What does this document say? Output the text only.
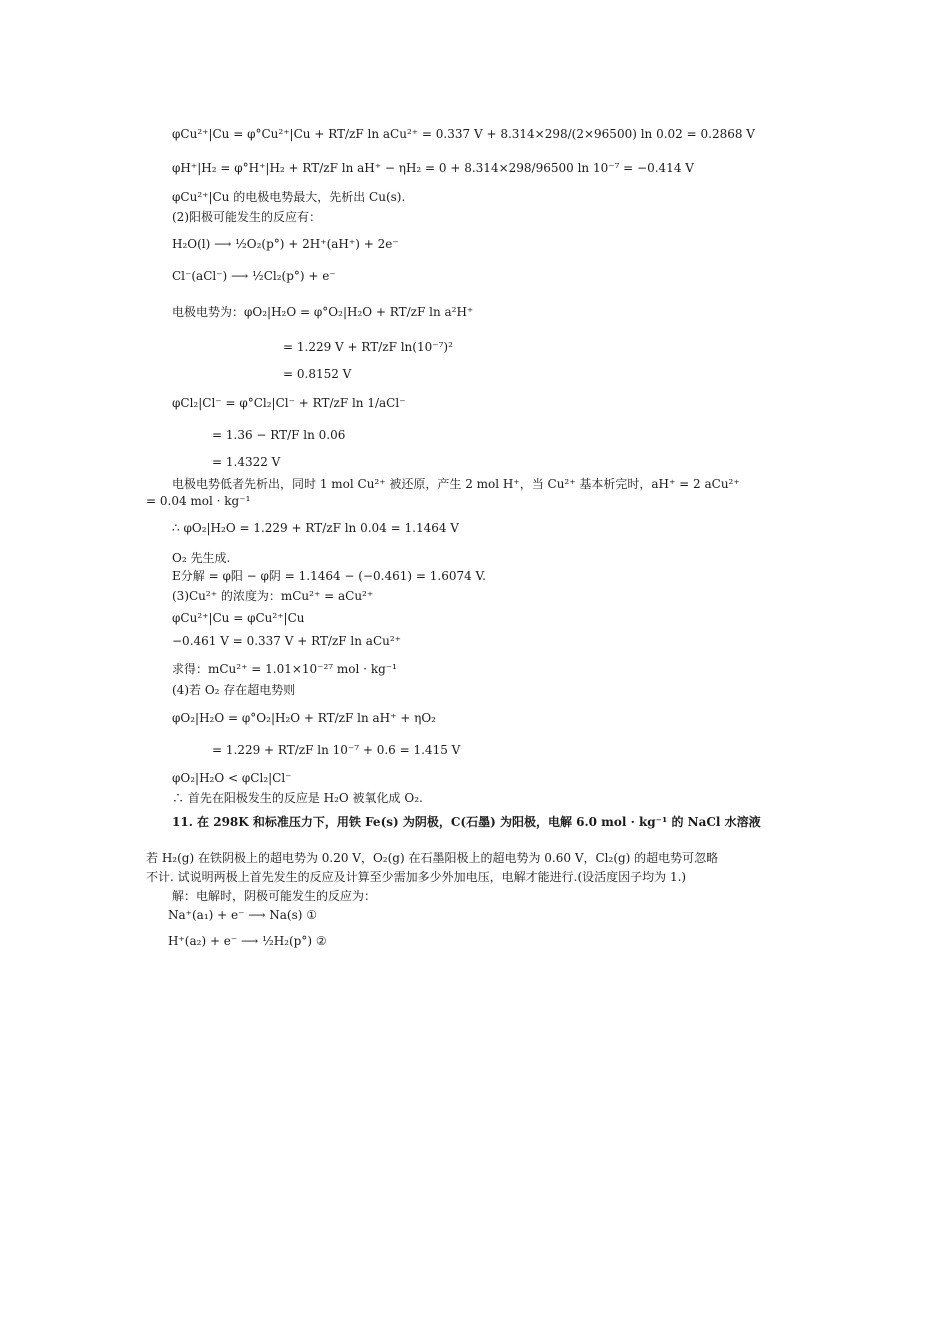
φCu²⁺|Cu = φ°Cu²⁺|Cu + RT/zF ln aCu²⁺ = 0.337 V + 8.314×298/(2×96500) ln 0.02 = 0.2868 V
φH⁺|H₂ = φ°H⁺|H₂ + RT/zF ln aH⁺ − ηH₂ = 0 + 8.314×298/96500 ln 10⁻⁷ = −0.414 V
φCu²⁺|Cu 的电极电势最大，先析出 Cu(s).
(2)阳极可能发生的反应有：
H₂O(l) ⟶ ½O₂(p°) + 2H⁺(aH⁺) + 2e⁻
Cl⁻(aCl⁻) ⟶ ½Cl₂(p°) + e⁻
电极电势为：φO₂|H₂O = φ°O₂|H₂O + RT/zF ln a²H⁺
= 1.229 V + RT/zF ln(10⁻⁷)²
= 0.8152 V
φCl₂|Cl⁻ = φ°Cl₂|Cl⁻ + RT/zF ln 1/aCl⁻
= 1.36 − RT/F ln 0.06
= 1.4322 V
电极电势低者先析出，同时 1 mol Cu²⁺ 被还原，产生 2 mol H⁺，当 Cu²⁺ 基本析完时，aH⁺ = 2 aCu²⁺
= 0.04 mol · kg⁻¹
∴ φO₂|H₂O = 1.229 + RT/zF ln 0.04 = 1.1464 V
O₂ 先生成.
E分解 = φ阳 − φ阴 = 1.1464 − (−0.461) = 1.6074 V.
(3)Cu²⁺ 的浓度为：mCu²⁺ = aCu²⁺
φCu²⁺|Cu = φCu²⁺|Cu
−0.461 V = 0.337 V + RT/zF ln aCu²⁺
求得：mCu²⁺ = 1.01×10⁻²⁷ mol · kg⁻¹
(4)若 O₂ 存在超电势则
φO₂|H₂O = φ°O₂|H₂O + RT/zF ln aH⁺ + ηO₂
= 1.229 + RT/zF ln 10⁻⁷ + 0.6 = 1.415 V
φO₂|H₂O < φCl₂|Cl⁻
∴ 首先在阳极发生的反应是 H₂O 被氧化成 O₂.
11. 在 298K 和标准压力下，用铁 Fe(s) 为阴极，C(石墨) 为阳极，电解 6.0 mol · kg⁻¹ 的 NaCl 水溶液
若 H₂(g) 在铁阴极上的超电势为 0.20 V，O₂(g) 在石墨阳极上的超电势为 0.60 V，Cl₂(g) 的超电势可忽略
不计. 试说明两极上首先发生的反应及计算至少需加多少外加电压，电解才能进行.(设活度因子均为 1.)
解：电解时，阴极可能发生的反应为：
Na⁺(a₁) + e⁻ ⟶ Na(s) ①
H⁺(a₂) + e⁻ ⟶ ½H₂(p°) ②
